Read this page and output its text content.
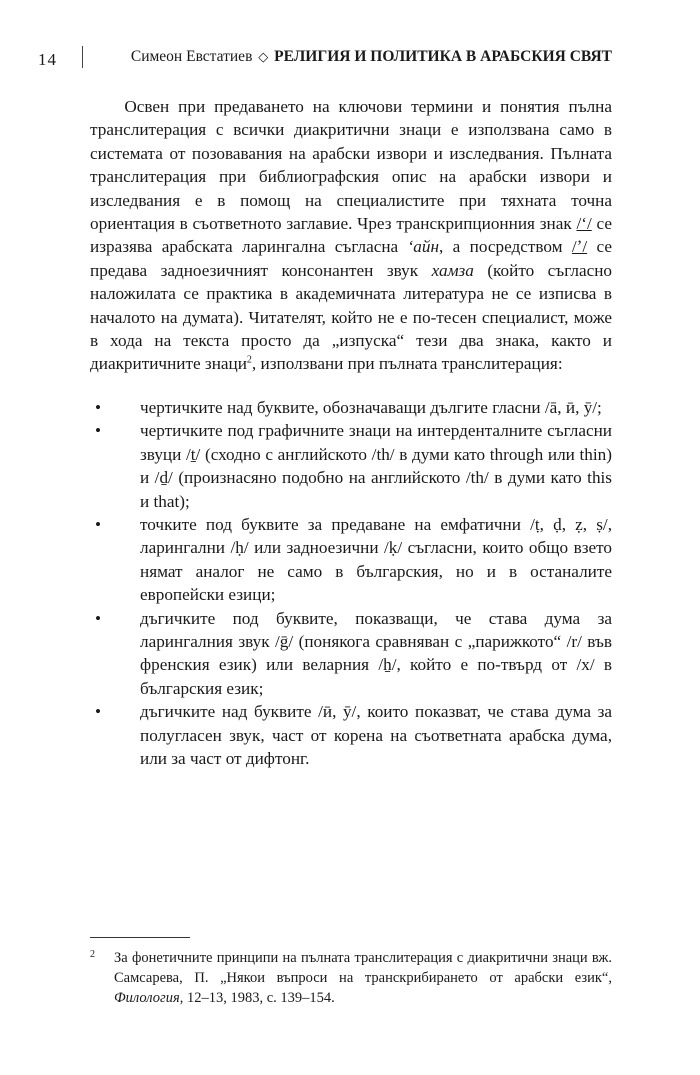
14	Симеон Евстатиев ◇ РЕЛИГИЯ И ПОЛИТИКА В АРАБСКИЯ СВЯТ

  Освен при предаването на ключови термини и понятия пълна транслитерация с всички диакритични знаци е използвана само в системата от позовавания на арабски извори и изследвания. Пълната транслитерация при библиографския опис на арабски извори и изследвания е в помощ на специалистите при тяхната точна ориентация в съответното заглавие. Чрез транскрипционния знак /ʻ/ се изразява арабската ларингална съгласна ʻайн, а посредством /ʼ/ се предава задноезичният консонантен звук хамза (който съгласно наложилата се практика в академичната литература не се изписва в началото на думата). Читателят, който не е по-тесен специалист, може в хода на текста просто да „изпуска“ тези два знака, както и диакритичните знаци$^2$, използвани при пълната транслитерация:

• чертичките над буквите, обозначаващи дългите гласни /ā, ӣ, ӯ/;
• чертичките под графичните знаци на интерденталните съгласни звуци /ṯ/ (сходно с английското /th/ в думи като through или thin) и /ḏ/ (произнасяно подобно на английското /th/ в думи като this и that);
• точките под буквите за предаване на емфатични /ṭ, ḍ, ẓ, ṣ/, ларингални /ḥ/ или задноезични /ḳ/ съгласни, които общо взето нямат аналог не само в българския, но и в останалите европейски езици;
• дъгичките под буквите, показващи, че става дума за ларингалния звук /ḡ/ (понякога сравняван с „парижкото“ /r/ във френския език) или веларния /ẖ/, който е по-твърд от /х/ в българския език;
• дъгичките над буквите /ӣ, ӯ/, които показват, че става дума за полугласен звук, част от корена на съответната арабска дума, или за част от дифтонг.
2	За фонетичните принципи на пълната транслитерация с диакритични знаци вж. Самсарева, П. „Някои въпроси на транскрибирането от арабски език“, Филология, 12–13, 1983, с. 139–154.
